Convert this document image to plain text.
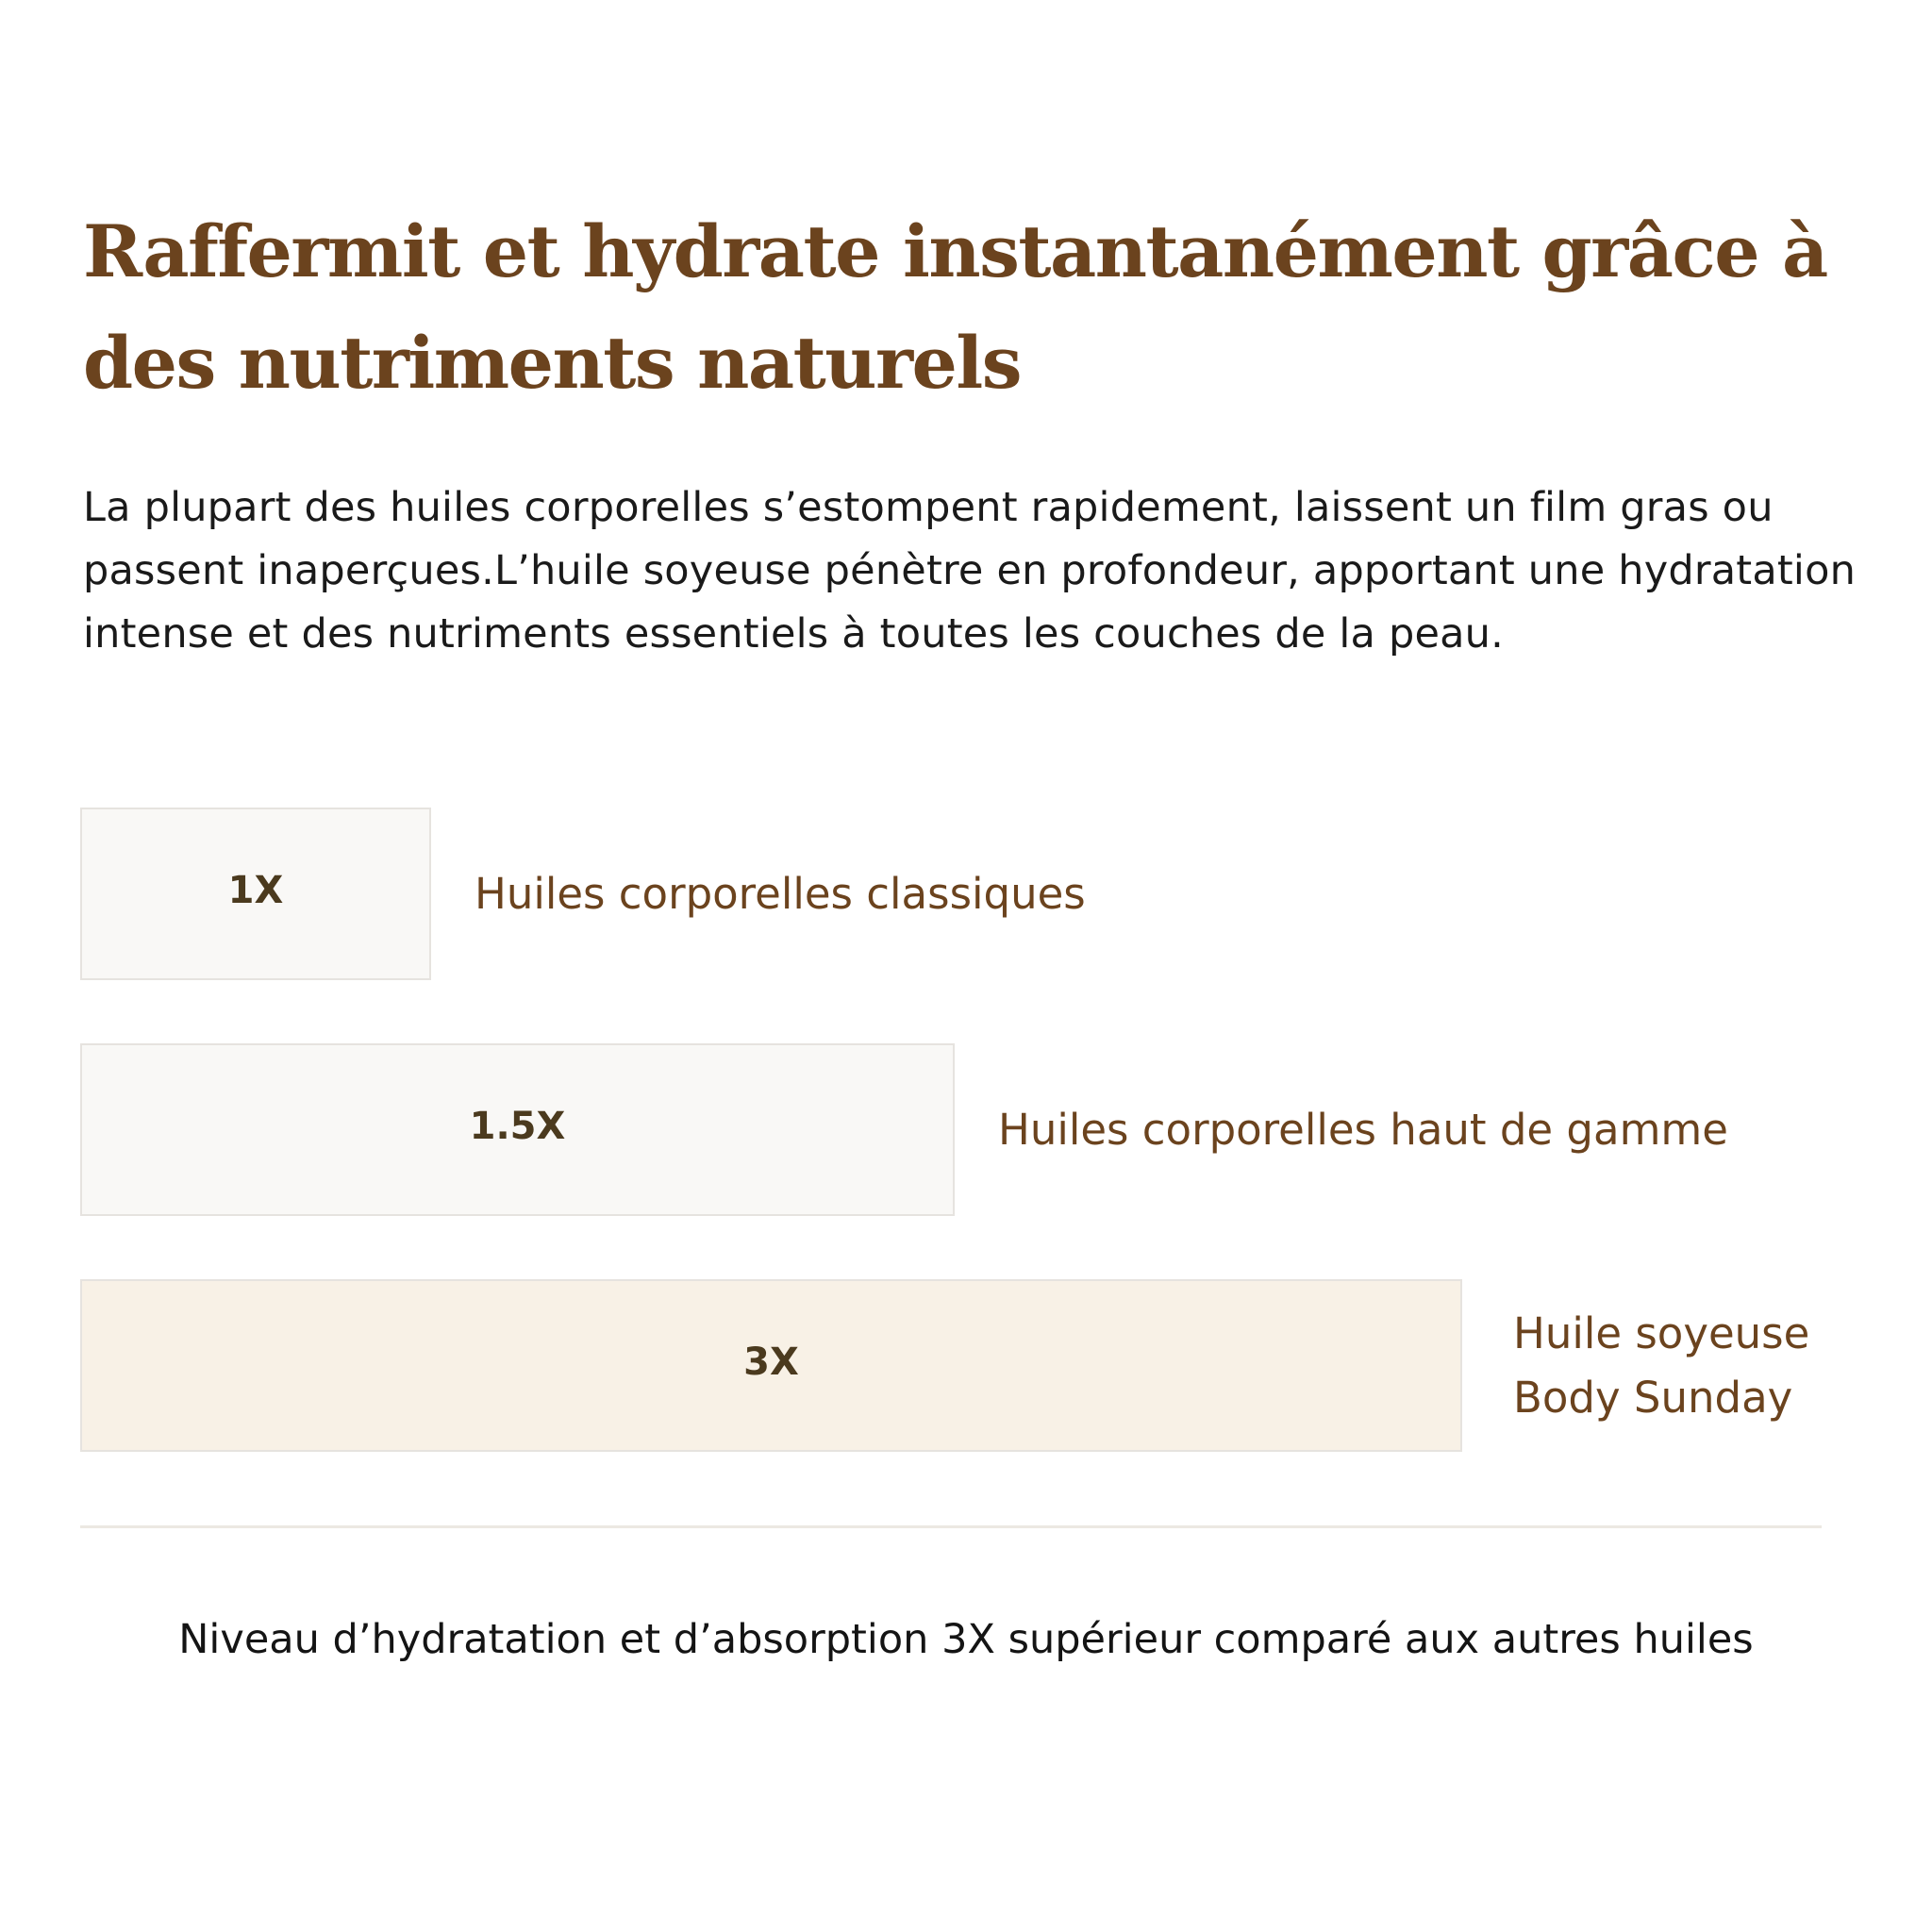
Raffermit et hydrate instantanément grâce à des nutriments naturels

La plupart des huiles corporelles s’estompent rapidement, laissent un film gras ou passent inaperçues.L’huile soyeuse pénètre en profondeur, apportant une hydratation intense et des nutriments essentiels à toutes les couches de la peau.

1X	Huiles corporelles classiques
1.5X	Huiles corporelles haut de gamme
3X
Huile soyeuse
Body Sunday

Niveau d’hydratation et d’absorption 3X supérieur comparé aux autres huiles
